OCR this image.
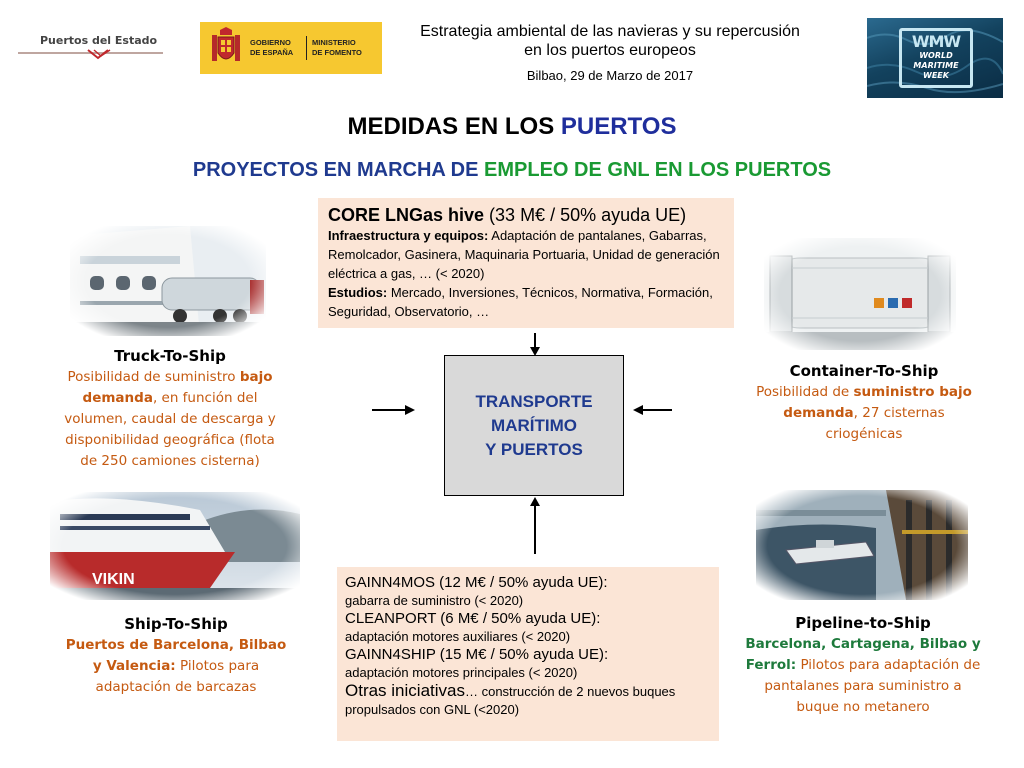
Puertos del Estado	GOBIERNO
DE ESPAÑA
MINISTERIO
DE FOMENTO
Estrategia ambiental de las navieras y su repercusión
en los puertos europeos
Bilbao, 29 de Marzo de 2017
WMW
WORLD
MARITIME
WEEK
MEDIDAS EN LOS PUERTOS
PROYECTOS EN MARCHA DE EMPLEO DE GNL EN LOS PUERTOS
CORE LNGas hive (33 M€ / 50% ayuda UE)

Infraestructura y equipos: Adaptación de pantalanes, Gabarras, Remolcador, Gasinera, Maquinaria Portuaria, Unidad de generación eléctrica a gas, … (< 2020)

Estudios: Mercado, Inversiones, Técnicos, Normativa, Formación, Seguridad, Observatorio, …

TRANSPORTE
MARÍTIMO
Y PUERTOS
Truck-To-Ship
Posibilidad de suministro bajo demanda, en función del volumen, caudal de descarga y disponibilidad geográfica (flota de 250 camiones cisterna)
Container-To-Ship
Posibilidad de suministro bajo demanda, 27 cisternas criogénicas
Ship-To-Ship
Puertos de Barcelona, Bilbao y Valencia: Pilotos para adaptación de barcazas
Pipeline-to-Ship
Barcelona, Cartagena, Bilbao y Ferrol: Pilotos para adaptación de pantalanes para suministro a buque no metanero
GAINN4MOS (12 M€ / 50% ayuda UE):
gabarra de suministro (< 2020)
CLEANPORT (6 M€ / 50% ayuda UE):
adaptación motores auxiliares (< 2020)
GAINN4SHIP (15 M€ / 50% ayuda UE):
adaptación motores principales (< 2020)
Otras iniciativas… construcción de 2 nuevos buques propulsados con GNL (<2020)
